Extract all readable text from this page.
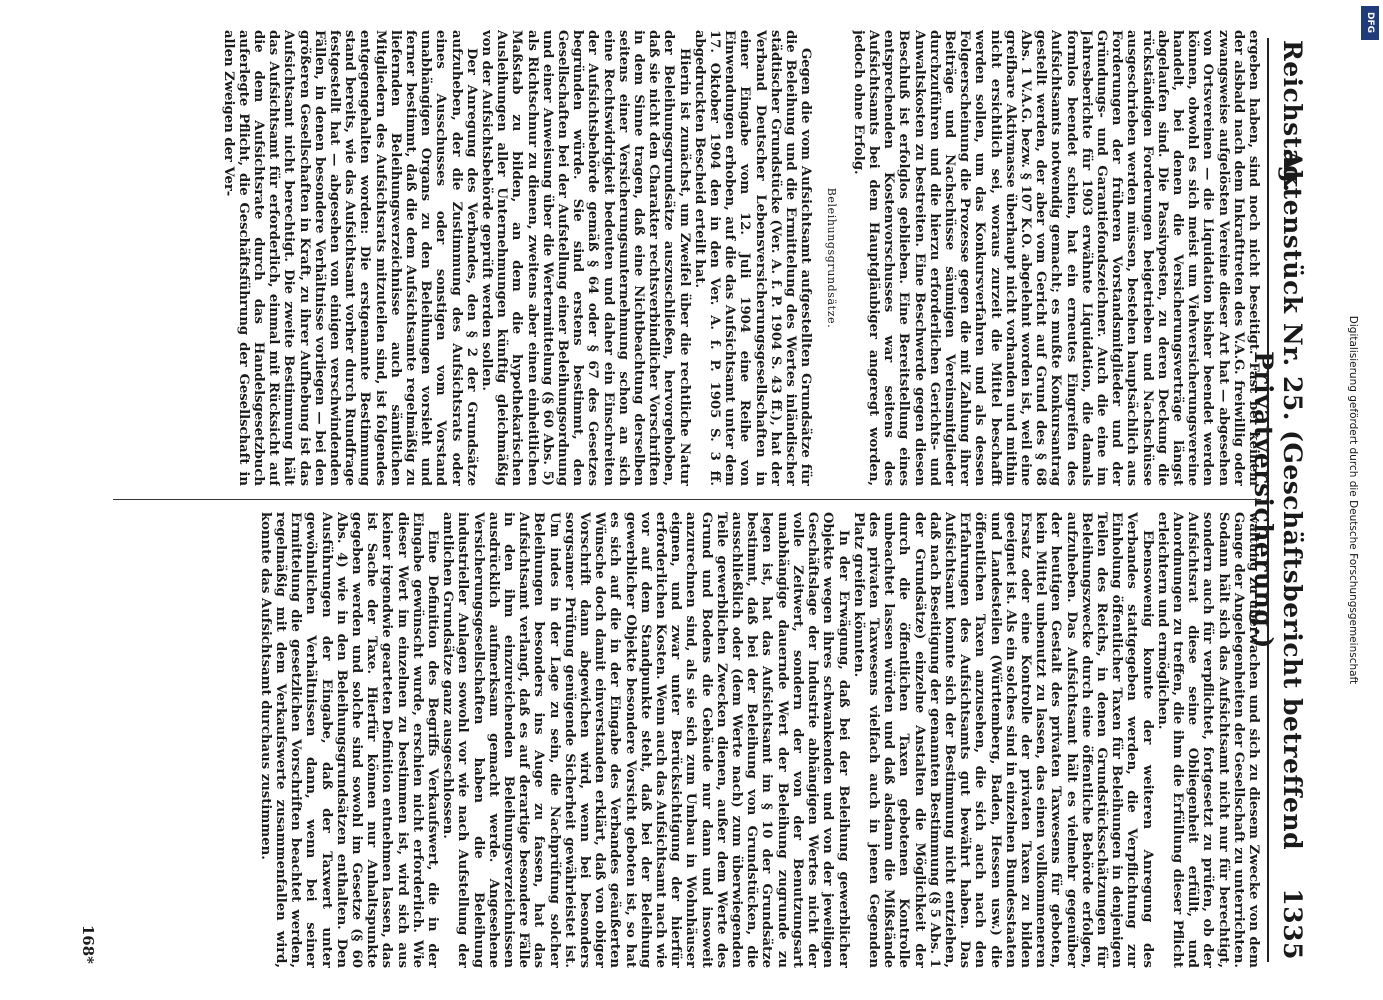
Reichstag.
Aktenstück Nr. 25. (Geschäftsbericht betreffend Privatversicherung.)
1335

ergeben haben, sind noch nicht beseitigt. Fast bei keinem der alsbald nach dem Inkrafttreten des V.A.G. freiwillig oder zwangsweise aufgelösten Vereine dieser Art hat — abgesehen von Ortsvereinen — die Liquidation bisher beendet werden können, obwohl es sich meist um Viehversicherungsvereine handelt, bei denen die Versicherungsverträge längst abgelaufen sind. Die Passivposten, zu deren Deckung die rückständigen Forderungen beigetrieben und Nachschüsse ausgeschrieben werden müssen, bestehen hauptsächlich aus Forderungen der früheren Vorstandsmitglieder und der Gründungs- und Garantiefondszeichner. Auch die eine im Jahresberichte für 1903 erwähnte Liquidation, die damals formlos beendet schien, hat ein erneutes Eingreifen des Aufsichtsamts notwendig gemacht; es mußte Konkursantrag gestellt werden, der aber vom Gericht auf Grund des § 68 Abs. 1 V.A.G. bezw. § 107 K.O. abgelehnt worden ist, weil eine greifbare Aktivmasse überhaupt nicht vorhanden und mithin nicht ersichtlich sei, woraus zurzeit die Mittel beschafft werden sollen, um das Konkursverfahren und als dessen Folgeerscheinung die Prozesse gegen die mit Zahlung ihrer Beiträge und Nachschüsse säumigen Vereinsmitglieder durchzuführen und die hierzu erforderlichen Gerichts- und Anwaltskosten zu bestreiten. Eine Beschwerde gegen diesen Beschluß ist erfolglos geblieben. Eine Bereitstellung eines entsprechenden Kostenvorschusses war seitens des Aufsichtsamts bei dem Hauptgläubiger angeregt worden, jedoch ohne Erfolg.

Beleihungsgrundsätze.

Gegen die vom Aufsichtsamt aufgestellten Grundsätze für die Beleihung und die Ermittelung des Wertes inländischer städtischer Grundstücke (Ver. A. f. P. 1904 S. 43 ff.), hat der Verband Deutscher Lebensversicherungsgesellschaften in einer Eingabe vom 12. Juli 1904 eine Reihe von Einwendungen erhoben, auf die das Aufsichtsamt unter dem 17. Oktober 1904 den in den Ver. A. f. P. 1905 S. 3 ff. abgedruckten Bescheid erteilt hat.

Hierin ist zunächst, um Zweifel über die rechtliche Natur der Beleihungsgrundsätze auszuschließen, hervorgehoben, daß sie nicht den Charakter rechtsverbindlicher Vorschriften in dem Sinne tragen, daß eine Nichtbeachtung derselben seitens einer Versicherungsunternehmung schon an sich eine Rechtswidrigkeit bedeuten und daher ein Einschreiten der Aufsichtsbehörde gemäß § 64 oder § 67 des Gesetzes begründen würde. Sie sind erstens bestimmt, den Gesellschaften bei der Aufstellung einer Beleihungsordnung und einer Anweisung über die Wertermittelung (§ 60 Abs. 5) als Richtschnur zu dienen, zweitens aber einen einheitlichen Maßstab zu bilden, an dem die hypothekarischen Ausleihungen aller Unternehmungen künftig gleichmäßig von der Aufsichtsbehörde geprüft werden sollen.

Der Anregung des Verbandes, den § 2 der Grundsätze aufzuheben, der die Zustimmung des Aufsichtsrats oder eines Ausschusses oder sonstigen vom Vorstand unabhängigen Organs zu den Beleihungen vorsieht und ferner bestimmt, daß die dem Aufsichtsamte regelmäßig zu liefernden Beleihungsverzeichnisse auch sämtlichen Mitgliedern des Aufsichtsrats mitzuteilen sind, ist folgendes entgegengehalten worden: Die erstgenannte Bestimmung stand bereits, wie das Aufsichtsamt vorher durch Rundfrage festgestellt hat — abgesehen von einigen verschwindenden Fällen, in denen besondere Verhältnisse vorliegen — bei den größeren Gesellschaften in Kraft, zu ihrer Aufhebung ist das Aufsichtsamt nicht berechtigt. Die zweite Bestimmung hält das Aufsichtsamt für erforderlich, einmal mit Rücksicht auf die dem Aufsichtsrate durch das Handelsgesetzbuch auferlegte Pflicht, die Geschäftsführung der Gesellschaft in allen Zweigen der Ver-

waltung zu überwachen und sich zu diesem Zwecke von dem Gange der Angelegenheiten der Gesellschaft zu unterrichten. Sodann hält sich das Aufsichtsamt nicht nur für berechtigt, sondern auch für verpflichtet, fortgesetzt zu prüfen, ob der Aufsichtsrat diese seine Obliegenheit erfüllt, und Anordnungen zu treffen, die ihm die Erfüllung dieser Pflicht erleichtern und ermöglichen.

Ebensowenig konnte der weiteren Anregung des Verbandes stattgegeben werden, die Verpflichtung zur Einholung öffentlicher Taxen für Beleihungen in denjenigen Teilen des Reichs, in denen Grundstücksschätzungen für Beleihungszwecke durch eine öffentliche Behörde erfolgen, aufzuheben. Das Aufsichtsamt hält es vielmehr gegenüber der heutigen Gestalt des privaten Taxwesens für geboten, kein Mittel unbenutzt zu lassen, das einen vollkommeneren Ersatz oder eine Kontrolle der privaten Taxen zu bilden geeignet ist. Als ein solches sind in einzelnen Bundesstaaten und Landesteilen (Württemberg, Baden, Hessen usw.) die öffentlichen Taxen anzusehen, die sich auch nach den Erfahrungen des Aufsichtsamts gut bewährt haben. Das Aufsichtsamt konnte sich der Bestimmung nicht entziehen, daß nach Beseitigung der genannten Bestimmung (§ 5 Abs. 1 der Grundsätze) einzelne Anstalten die Möglichkeit der durch die öffentlichen Taxen gebotenen Kontrolle unbeachtet lassen würden und daß alsdann die Mißstände des privaten Taxwesens vielfach auch in jenen Gegenden Platz greifen könnten.

In der Erwägung, daß bei der Beleihung gewerblicher Objekte wegen ihres schwankenden und von der jeweiligen Geschäftslage der Industrie abhängigen Wertes nicht der volle Zeitwert, sondern der von der Benutzungsart unabhängige dauernde Wert der Beleihung zugrunde zu legen ist, hat das Aufsichtsamt im § 10 der Grundsätze bestimmt, daß bei der Beleihung von Grundstücken, die ausschließlich oder (dem Werte nach) zum überwiegenden Teile gewerblichen Zwecken dienen, außer dem Werte des Grund und Bodens die Gebäude nur dann und insoweit anzurechnen sind, als sie sich zum Umbau in Wohnhäuser eignen, und zwar unter Berücksichtigung der hierfür erforderlichen Kosten. Wenn auch das Aufsichtsamt nach wie vor auf dem Standpunkte steht, daß bei der Beleihung gewerblicher Objekte besondere Vorsicht geboten ist, so hat es sich auf die in der Eingabe des Verbandes geäußerten Wünsche doch damit einverstanden erklärt, daß von obiger Vorschrift dann abgewichen wird, wenn bei besonders sorgsamer Prüfung genügende Sicherheit gewährleistet ist. Um indes in der Lage zu sein, die Nachprüfung solcher Beleihungen besonders ins Auge zu fassen, hat das Aufsichtsamt verlangt, daß es auf derartige besondere Fälle in den ihm einzureichenden Beleihungsverzeichnissen ausdrücklich aufmerksam gemacht werde. Angesehene Versicherungsgesellschaften haben die Beleihung industrieller Anlagen sowohl vor wie nach Aufstellung der amtlichen Grundsätze ganz ausgeschlossen.

Eine Definition des Begriffs Verkaufswert, die in der Eingabe gewünscht wurde, erschien nicht erforderlich. Wie dieser Wert im einzelnen zu bestimmen ist, wird sich aus keiner irgendwie gearteten Definition entnehmen lassen, das ist Sache der Taxe. Hierfür können nur Anhaltspunkte gegeben werden und solche sind sowohl im Gesetze (§ 60 Abs. 4) wie in den Beleihungsgrundsätzen enthalten. Den Ausführungen der Eingabe, daß der Taxwert unter gewöhnlichen Verhältnissen dann, wenn bei seiner Ermittelung die gesetzlichen Vorschriften beachtet werden, regelmäßig mit dem Verkaufswerte zusammenfallen wird, konnte das Aufsichtsamt durchaus zustimmen.

168*
DFG
Digitalisierung gefördert durch die Deutsche Forschungsgemeinschaft
